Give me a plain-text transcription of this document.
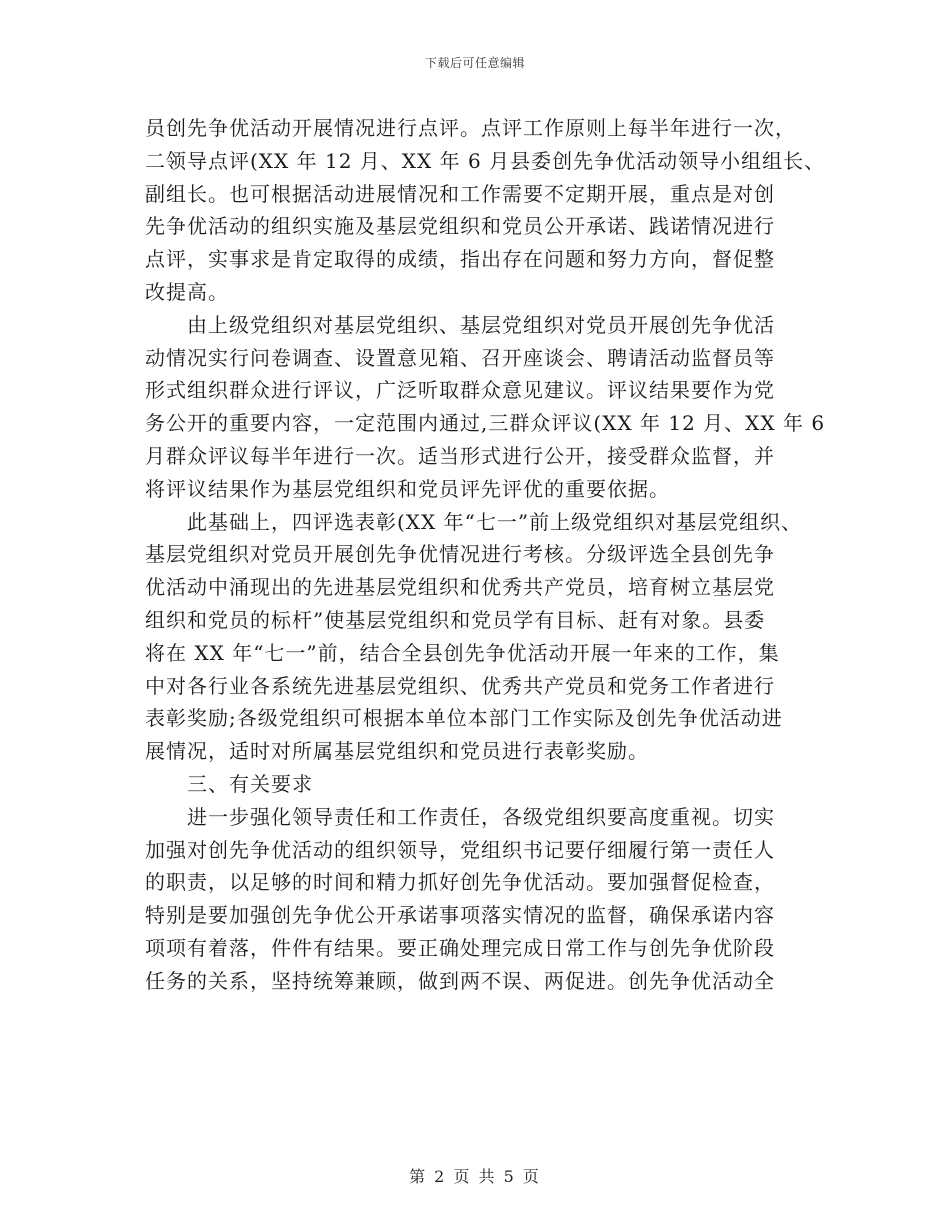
下载后可任意编辑
员创先争优活动开展情况进行点评。点评工作原则上每半年进行一次，
二领导点评(XX 年 12 月、XX 年 6 月县委创先争优活动领导小组组长、
副组长。也可根据活动进展情况和工作需要不定期开展，重点是对创
先争优活动的组织实施及基层党组织和党员公开承诺、践诺情况进行
点评，实事求是肯定取得的成绩，指出存在问题和努力方向，督促整
改提高。
由上级党组织对基层党组织、基层党组织对党员开展创先争优活
动情况实行问卷调查、设置意见箱、召开座谈会、聘请活动监督员等
形式组织群众进行评议，广泛听取群众意见建议。评议结果要作为党
务公开的重要内容，一定范围内通过,三群众评议(XX 年 12 月、XX 年 6
月群众评议每半年进行一次。适当形式进行公开，接受群众监督，并
将评议结果作为基层党组织和党员评先评优的重要依据。
此基础上，四评选表彰(XX 年“七一”前上级党组织对基层党组织、
基层党组织对党员开展创先争优情况进行考核。分级评选全县创先争
优活动中涌现出的先进基层党组织和优秀共产党员，培育树立基层党
组织和党员的标杆”使基层党组织和党员学有目标、赶有对象。县委
将在 XX 年“七一”前，结合全县创先争优活动开展一年来的工作，集
中对各行业各系统先进基层党组织、优秀共产党员和党务工作者进行
表彰奖励;各级党组织可根据本单位本部门工作实际及创先争优活动进
展情况，适时对所属基层党组织和党员进行表彰奖励。
三、有关要求
进一步强化领导责任和工作责任，各级党组织要高度重视。切实
加强对创先争优活动的组织领导，党组织书记要仔细履行第一责任人
的职责，以足够的时间和精力抓好创先争优活动。要加强督促检查，
特别是要加强创先争优公开承诺事项落实情况的监督，确保承诺内容
项项有着落，件件有结果。要正确处理完成日常工作与创先争优阶段
任务的关系，坚持统筹兼顾，做到两不误、两促进。创先争优活动全
第 2 页 共 5 页
